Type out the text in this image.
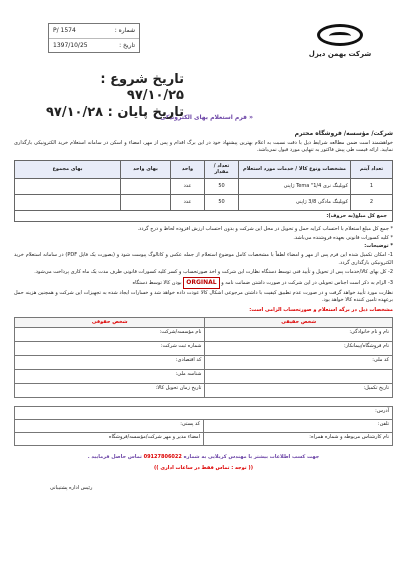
شرکت بهمن دیزل
شماره :
P/ 1574
تاریخ :
1397/10/25
تاریخ شروع : ۹۷/۱۰/۲۵
تاریخ پایان : ۹۷/۱۰/۲۸	« فرم استعلام بهای الکترونیکی »
شرکت/ مؤسسه/ فروشگاه محترم
خواهشمند است ضمن مطالعه شرایط ذیل با دقت نسبت به اعلام بهترین پیشنهاد خود در این برگ اقدام و پس از مهر، امضاء و اسکن در سامانه استعلام خرید الکترونیکی بارگذاری نمایید. ارائه قیمت طی پیش فاکتور به تنهایی مورد قبول نمی‌باشد.
تعداد آیتم	مشخصات ونوع کالا / خدمات مورد استعلام	تعداد / مقدار	واحد	بهای واحد	بهای مجموع
1	کوپلینگ نری 1/4" Tema ژاپنی	50	عدد		
2	کوپلینگ مادگی 3/8 ژاپنی	50	عدد		
جمع کل مبلغ(به حروف):					

* جمع کل مبلغ استعلام با احتساب کرایه حمل و تحویل در محل این شرکت و بدون احتساب ارزش افزوده لحاظ و درج گردد.

* کلیه کسورات قانونی بعهده فروشنده می‌باشد.

* توضیحات:

1- امکان تکمیل شده این فرم پس از مهر و امضاء لطفاً با مشخصات کامل موضوع استعلام از جمله عکس و کاتالوگ پیوست شود و (بصورت یک فایل PDF) در سامانه استعلام خرید الکترونیکی بارگذاری گردد.

2- کل بهای کالا/خدمات پس از تحویل و تأیید فنی توسط دستگاه نظارت این شرکت و اخذ صورتحساب و کسر کلیه کسورات قانونی ظرف مدت یک ماه کاری پرداخت می‌شود.

3- الزام به ذکر است اجناس تحویلی در این شرکت در صورت داشتن ضمانت نامه و ORGINAL بودن کالا توسط دستگاه

نظارت مورد تأیید خواهد گرفت و در صورت عدم تطبیق کیفیت با داشتن مرجوعی اشکال کالا عودت داده خواهد شد و خسارات ایجاد شده به تجهیزات این شرکت و همچنین هزینه حمل برعهده تامین کننده کالا خواهد بود.

مشخصات ذیل در برگه استعلام و صورتحساب الزامی است:
شخص حقیقی	شخص حقوقی
نام و نام خانوادگی:	نام مؤسسه/شرکت:
نام فروشگاه/پیمانکار:	شماره ثبت شرکت:
کد ملی:	کد اقتصادی:
	شناسه ملی:
تاریخ تکمیل:	تاریخ زمان تحویل کالا:
آدرس:	
تلفن:	کد پستی:
نام کارشناس مربوطه و شماره همراه:	امضاء مدیر و مهر شرکت/مؤسسه/فروشگاه
جهت کسب اطلاعات بیشتر با مهندس کربلایی به شماره 09127806022 تماس حاصل فرمایید .
(( توجه : تماس فقط در ساعات اداری ))
رئیس اداره پشتیبانی
